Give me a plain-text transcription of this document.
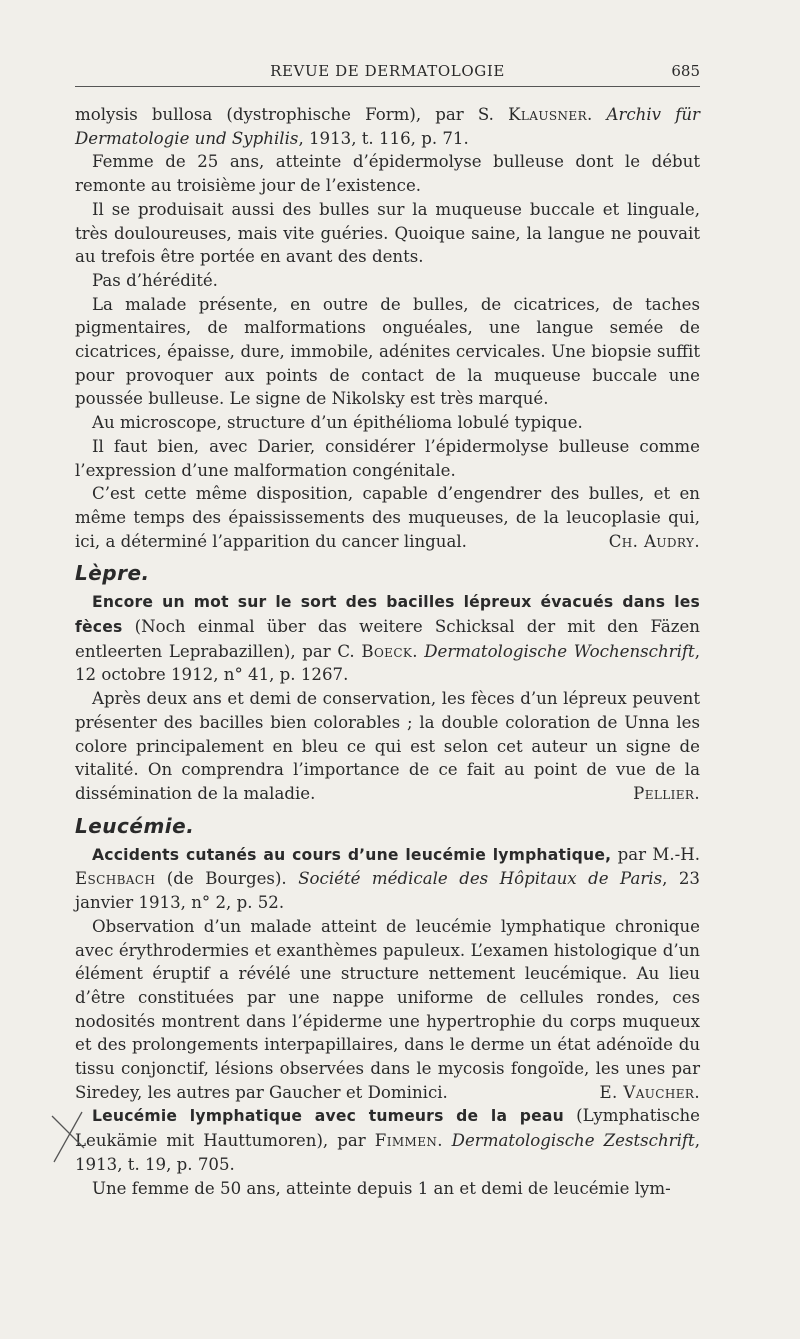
REVUE DE DERMATOLOGIE	685

molysis bullosa (dystrophische Form), par S. Klausner. Archiv für Dermatologie und Syphilis, 1913, t. 116, p. 71.

Femme de 25 ans, atteinte d’épidermolyse bulleuse dont le début remonte au troisième jour de l’existence.

Il se produisait aussi des bulles sur la muqueuse buccale et linguale, très douloureuses, mais vite guéries. Quoique saine, la langue ne pouvait au trefois être portée en avant des dents.

Pas d’hérédité.

La malade présente, en outre de bulles, de cicatrices, de taches pigmentaires, de malformations onguéales, une langue semée de cicatrices, épaisse, dure, immobile, adénites cervicales. Une biopsie suffit pour provoquer aux points de contact de la muqueuse buccale une poussée bulleuse. Le signe de Nikolsky est très marqué.

Au microscope, structure d’un épithélioma lobulé typique.

Il faut bien, avec Darier, considérer l’épidermolyse bulleuse comme l’expression d’une malformation congénitale.

C’est cette même disposition, capable d’engendrer des bulles, et en même temps des épaississements des muqueuses, de la leucoplasie qui, ici, a déterminé l’apparition du cancer lingual.	Ch. Audry.

Lèpre.

Encore un mot sur le sort des bacilles lépreux évacués dans les fèces (Noch einmal über das weitere Schicksal der mit den Fäzen entleerten Leprabazillen), par C. Boeck. Dermatologische Wochenschrift, 12 octobre 1912, n° 41, p. 1267.

Après deux ans et demi de conservation, les fèces d’un lépreux peuvent présenter des bacilles bien colorables ; la double coloration de Unna les colore principalement en bleu ce qui est selon cet auteur un signe de vitalité. On comprendra l’importance de ce fait au point de vue de la dissémination de la maladie.	Pellier.

Leucémie.

Accidents cutanés au cours d’une leucémie lymphatique, par M.-H. Eschbach (de Bourges). Société médicale des Hôpitaux de Paris, 23 janvier 1913, n° 2, p. 52.

Observation d’un malade atteint de leucémie lymphatique chronique avec érythrodermies et exanthèmes papuleux. L’examen histologique d’un élément éruptif a révélé une structure nettement leucémique. Au lieu d’être constituées par une nappe uniforme de cellules rondes, ces nodosités montrent dans l’épiderme une hypertrophie du corps muqueux et des prolongements interpapillaires, dans le derme un état adénoïde du tissu conjonctif, lésions observées dans le mycosis fongoïde, les unes par Siredey, les autres par Gaucher et Dominici.	E. Vaucher.

Leucémie lymphatique avec tumeurs de la peau (Lymphatische Leukämie mit Hauttumoren), par Fimmen. Dermatologische Zestschrift, 1913, t. 19, p. 705.

Une femme de 50 ans, atteinte depuis 1 an et demi de leucémie lym-
